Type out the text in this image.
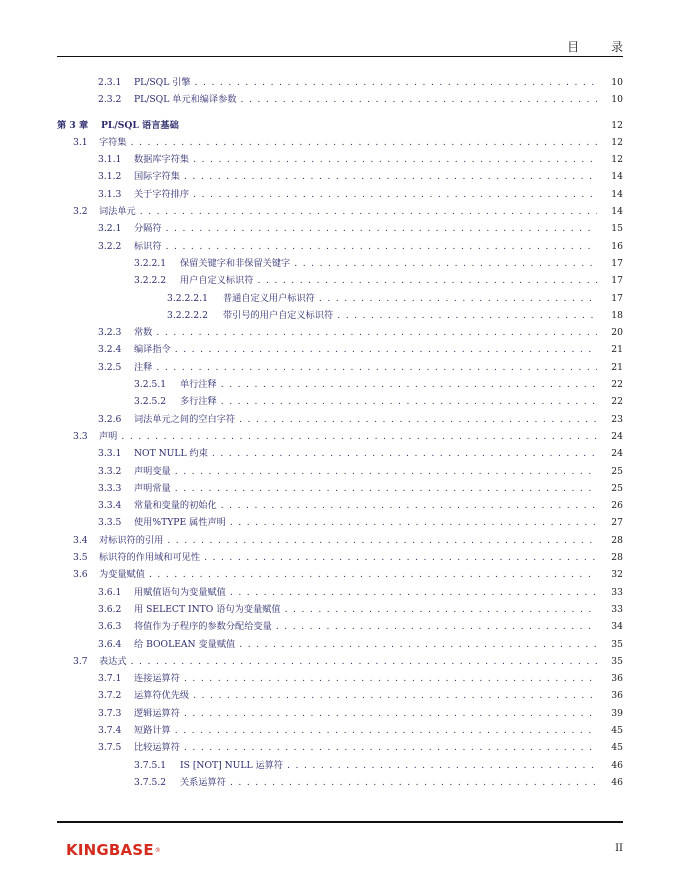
目 录
2.3.1	PL/SQL 引擎 . . .	10
2.3.2	PL/SQL 单元和编译参数 . . .	10
第 3 章	PL/SQL 语言基础	12
3.1	字符集 . . .	12
3.1.1	数据库字符集 . . .	12
3.1.2	国际字符集 . . .	14
3.1.3	关于字符排序 . . .	14
3.2	词法单元 . . .	14
3.2.1	分隔符 . . .	15
3.2.2	标识符 . . .	16
3.2.2.1	保留关键字和非保留关键字 . . .	17
3.2.2.2	用户自定义标识符 . . .	17
3.2.2.2.1	普通自定义用户标识符 . . .	17
3.2.2.2.2	带引号的用户自定义标识符 . . .	18
3.2.3	常数 . . .	20
3.2.4	编译指令 . . .	21
3.2.5	注释 . . .	21
3.2.5.1	单行注释 . . .	22
3.2.5.2	多行注释 . . .	22
3.2.6	词法单元之间的空白字符 . . .	23
3.3	声明 . . .	24
3.3.1	NOT NULL 约束 . . .	24
3.3.2	声明变量 . . .	25
3.3.3	声明常量 . . .	25
3.3.4	常量和变量的初始化 . . .	26
3.3.5	使用%TYPE 属性声明 . . .	27
3.4	对标识符的引用 . . .	28
3.5	标识符的作用域和可见性 . . .	28
3.6	为变量赋值 . . .	32
3.6.1	用赋值语句为变量赋值 . . .	33
3.6.2	用 SELECT INTO 语句为变量赋值 . . .	33
3.6.3	将值作为子程序的参数分配给变量 . . .	34
3.6.4	给 BOOLEAN 变量赋值 . . .	35
3.7	表达式 . . .	35
3.7.1	连接运算符 . . .	36
3.7.2	运算符优先级 . . .	36
3.7.3	逻辑运算符 . . .	39
3.7.4	短路计算 . . .	45
3.7.5	比较运算符 . . .	45
3.7.5.1	IS [NOT] NULL 运算符 . . .	46
3.7.5.2	关系运算符 . . .	46
KINGBASE ®	II
